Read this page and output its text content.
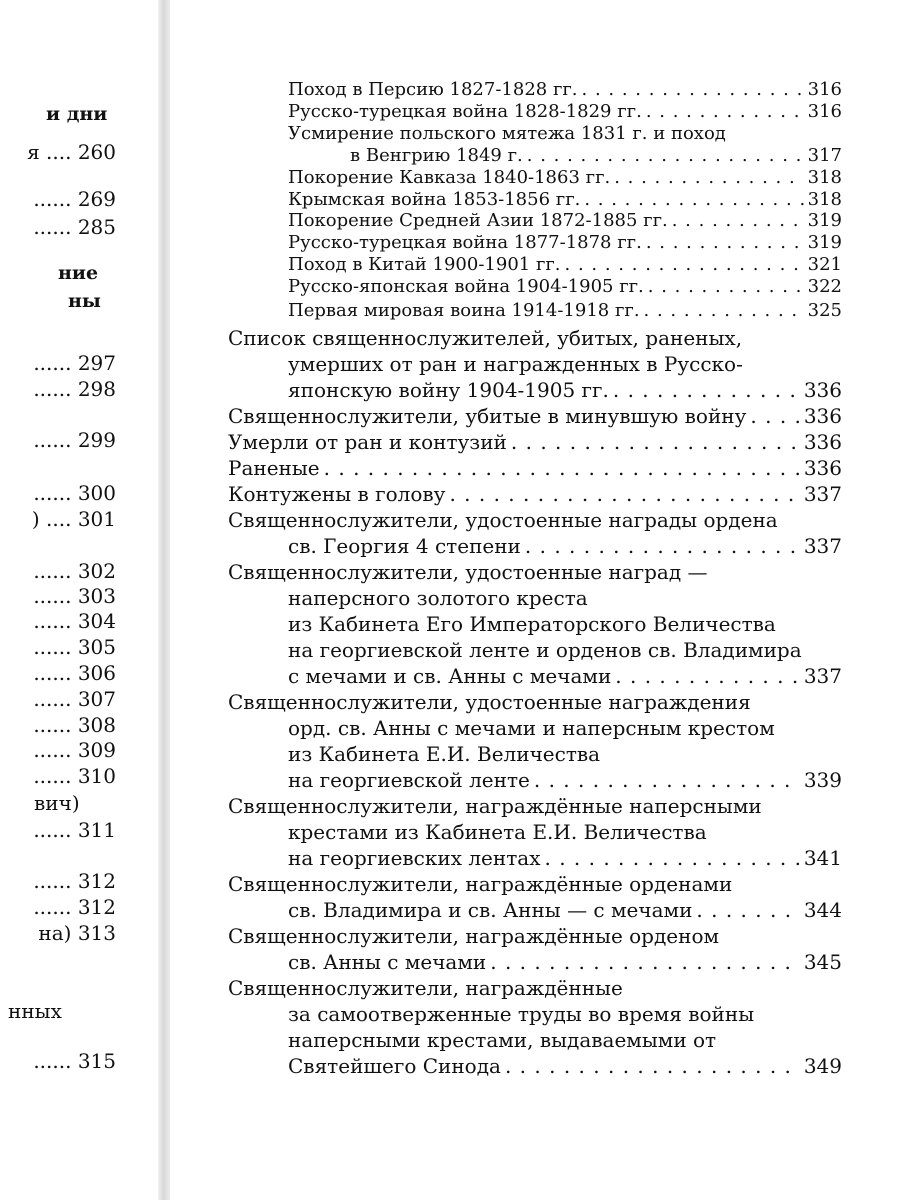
и дни
я .... 260
...... 269
...... 285
ние
ны
...... 297
...... 298
...... 299
...... 300
) .... 301
...... 302
...... 303
...... 304
...... 305
...... 306
...... 307
...... 308
...... 309
...... 310
вич)
...... 311
...... 312
...... 312
на) 313
нных
...... 315
Поход в Персию 1827-1828 гг. . . .	316
Русско-турецкая война 1828-1829 гг. . . .	316
Усмирение польского мятежа 1831 г. и поход
в Венгрию 1849 г. . . .	317
Покорение Кавказа 1840-1863 гг. . . .	318
Крымская война 1853-1856 гг. . . .	318
Покорение Средней Азии 1872-1885 гг. . . .	319
Русско-турецкая война 1877-1878 гг. . . .	319
Поход в Китай 1900-1901 гг. . . .	321
Русско-японская война 1904-1905 гг. . . .	322
Первая мировая воина 1914-1918 гг. . . .	325
Список священнослужителей, убитых, раненых,
умерших от ран и награжденных в Русско-
японскую войну 1904-1905 гг. . . .	336
Священнослужители, убитые в минувшую войну . . .	336
Умерли от ран и контузий . . .	336
Раненые . . .	336
Контужены в голову . . .	337
Священнослужители, удостоенные награды ордена
св. Георгия 4 степени . . .	337
Священнослужители, удостоенные наград —
наперсного золотого креста
из Кабинета Его Императорского Величества
на георгиевской ленте и орденов св. Владимира
с мечами и св. Анны с мечами . . .	337
Священнослужители, удостоенные награждения
орд. св. Анны с мечами и наперсным крестом
из Кабинета Е.И. Величества
на георгиевской ленте . . .	339
Священнослужители, награждённые наперсными
крестами из Кабинета Е.И. Величества
на георгиевских лентах . . .	341
Священнослужители, награждённые орденами
св. Владимира и св. Анны — с мечами . . .	344
Священнослужители, награждённые орденом
св. Анны с мечами . . .	345
Священнослужители, награждённые
за самоотверженные труды во время войны
наперсными крестами, выдаваемыми от
Святейшего Синода . . .	349
